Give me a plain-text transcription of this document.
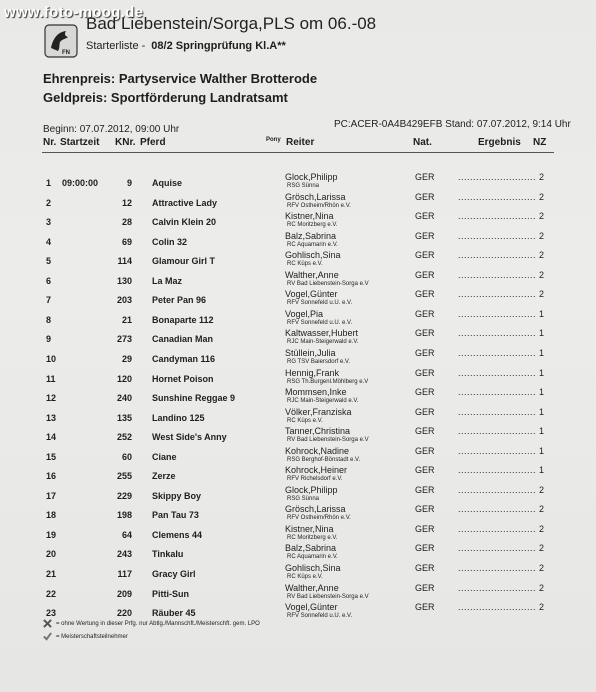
www.foto-moog.de
FN
Bad Liebenstein/Sorga,PLS om 06.-08
Starterliste - 08/2 Springprüfung Kl.A**
Ehrenpreis: Partyservice Walther Brotterode
Geldpreis: Sportförderung Landratsamt
Beginn: 07.07.2012, 09:00 Uhr	PC:ACER-0A4B429EFB Stand: 07.07.2012, 9:14 Uhr
Nr. Startzeit KNr. Pferd	Pony Reiter	Nat.	Ergebnis NZ
1	09:00:00	9 Aquise
Glock,Philipp
RSG Sünna
GER	.......................... 2
2	12 Attractive Lady
Grösch,Larissa
RFV Ostheim/Rhön e.V.
GER	.......................... 2
3	28 Calvin Klein 20
Kistner,Nina
RC Moritzberg e.V.
GER	.......................... 2
4	69 Colin 32
Balz,Sabrina
RC Aquamarin e.V.
GER	.......................... 2
5	114 Glamour Girl T
Gohlisch,Sina
RC Küps e.V.
GER	.......................... 2
6	130 La Maz
Walther,Anne
RV Bad Liebenstein-Sorga e.V
GER	.......................... 2
7	203 Peter Pan 96
Vogel,Günter
RFV Sonnefeld u.U. e.V.
GER	.......................... 2
8	21 Bonaparte 112
Vogel,Pia
RFV Sonnefeld u.U. e.V.
GER	.......................... 1
9	273 Canadian Man
Kaltwasser,Hubert
RJC Main-Steigerwald e.V.
GER	.......................... 1
10	29 Candyman 116
Stüllein,Julia
RG TSV Baiersdorf e.V.
GER	.......................... 1
11	120 Hornet Poison
Hennig,Frank
RSG Th.Burgenl.Möhlberg e.V
GER	.......................... 1
12	240 Sunshine Reggae 9
Mommsen,Inke
RJC Main-Steigerwald e.V.
GER	.......................... 1
13	135 Landino 125
Völker,Franziska
RC Küps e.V.
GER	.......................... 1
14	252 West Side's Anny
Tanner,Christina
RV Bad Liebenstein-Sorga e.V
GER	.......................... 1
15	60 Ciane
Kohrock,Nadine
RSG Berghof-Bönstadt e.V.
GER	.......................... 1
16	255 Zerze
Kohrock,Heiner
RFV Richelsdorf e.V.
GER	.......................... 1
17	229 Skippy Boy
Glock,Philipp
RSG Sünna
GER	.......................... 2
18	198 Pan Tau 73
Grösch,Larissa
RFV Ostheim/Rhön e.V.
GER	.......................... 2
19	64 Clemens 44
Kistner,Nina
RC Moritzberg e.V.
GER	.......................... 2
20	243 Tinkalu
Balz,Sabrina
RC Aquamarin e.V.
GER	.......................... 2
21	117 Gracy Girl
Gohlisch,Sina
RC Küps e.V.
GER	.......................... 2
22	209 Pitti-Sun
Walther,Anne
RV Bad Liebenstein-Sorga e.V
GER	.......................... 2
23	220 Räuber 45
Vogel,Günter
RFV Sonnefeld u.U. e.V.
GER	.......................... 2
= ohne Wertung in dieser Prfg. nur Abtlg./Mannschft./Meisterschft. gem. LPO
= Meisterschaftsteilnehmer
